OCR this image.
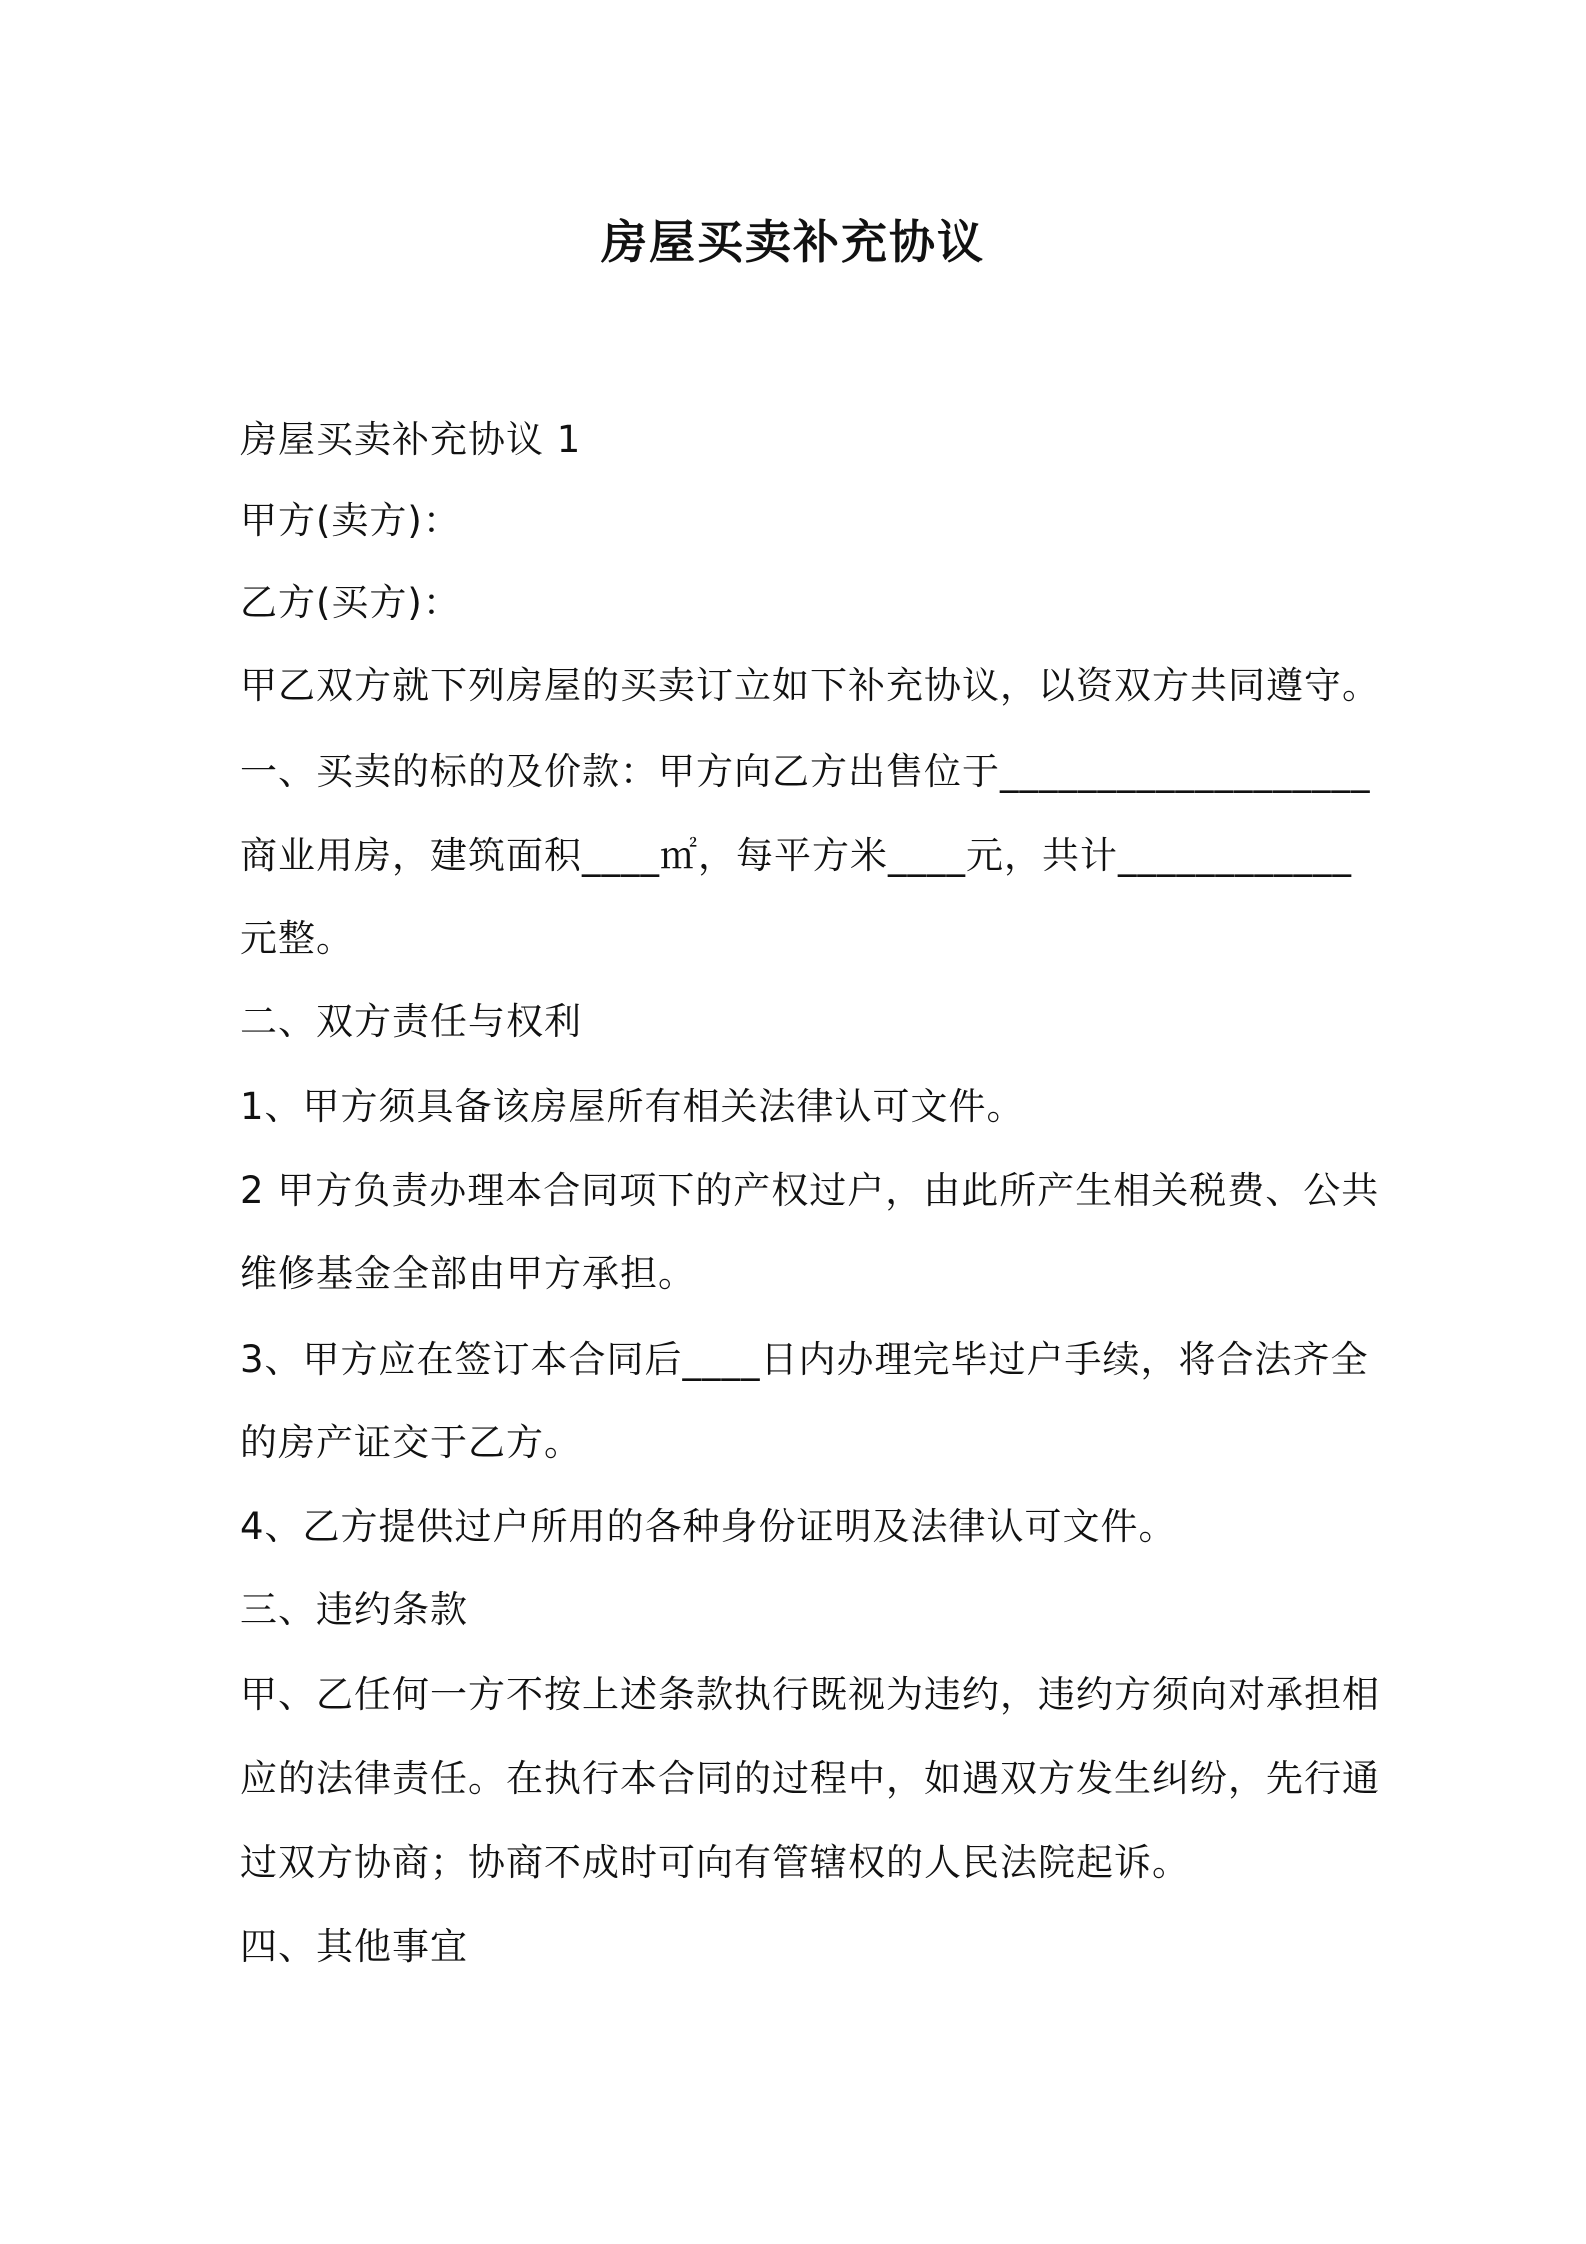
房屋买卖补充协议
房屋买卖补充协议 1
甲方(卖方)：
乙方(买方)：
甲乙双方就下列房屋的买卖订立如下补充协议，以资双方共同遵守。
一、买卖的标的及价款：甲方向乙方出售位于___________________
商业用房，建筑面积____㎡，每平方米____元，共计____________
元整。
二、双方责任与权利
1、甲方须具备该房屋所有相关法律认可文件。
2 甲方负责办理本合同项下的产权过户，由此所产生相关税费、公共
维修基金全部由甲方承担。
3、甲方应在签订本合同后____日内办理完毕过户手续，将合法齐全
的房产证交于乙方。
4、乙方提供过户所用的各种身份证明及法律认可文件。
三、违约条款
甲、乙任何一方不按上述条款执行既视为违约，违约方须向对承担相
应的法律责任。在执行本合同的过程中，如遇双方发生纠纷，先行通
过双方协商；协商不成时可向有管辖权的人民法院起诉。
四、其他事宜
